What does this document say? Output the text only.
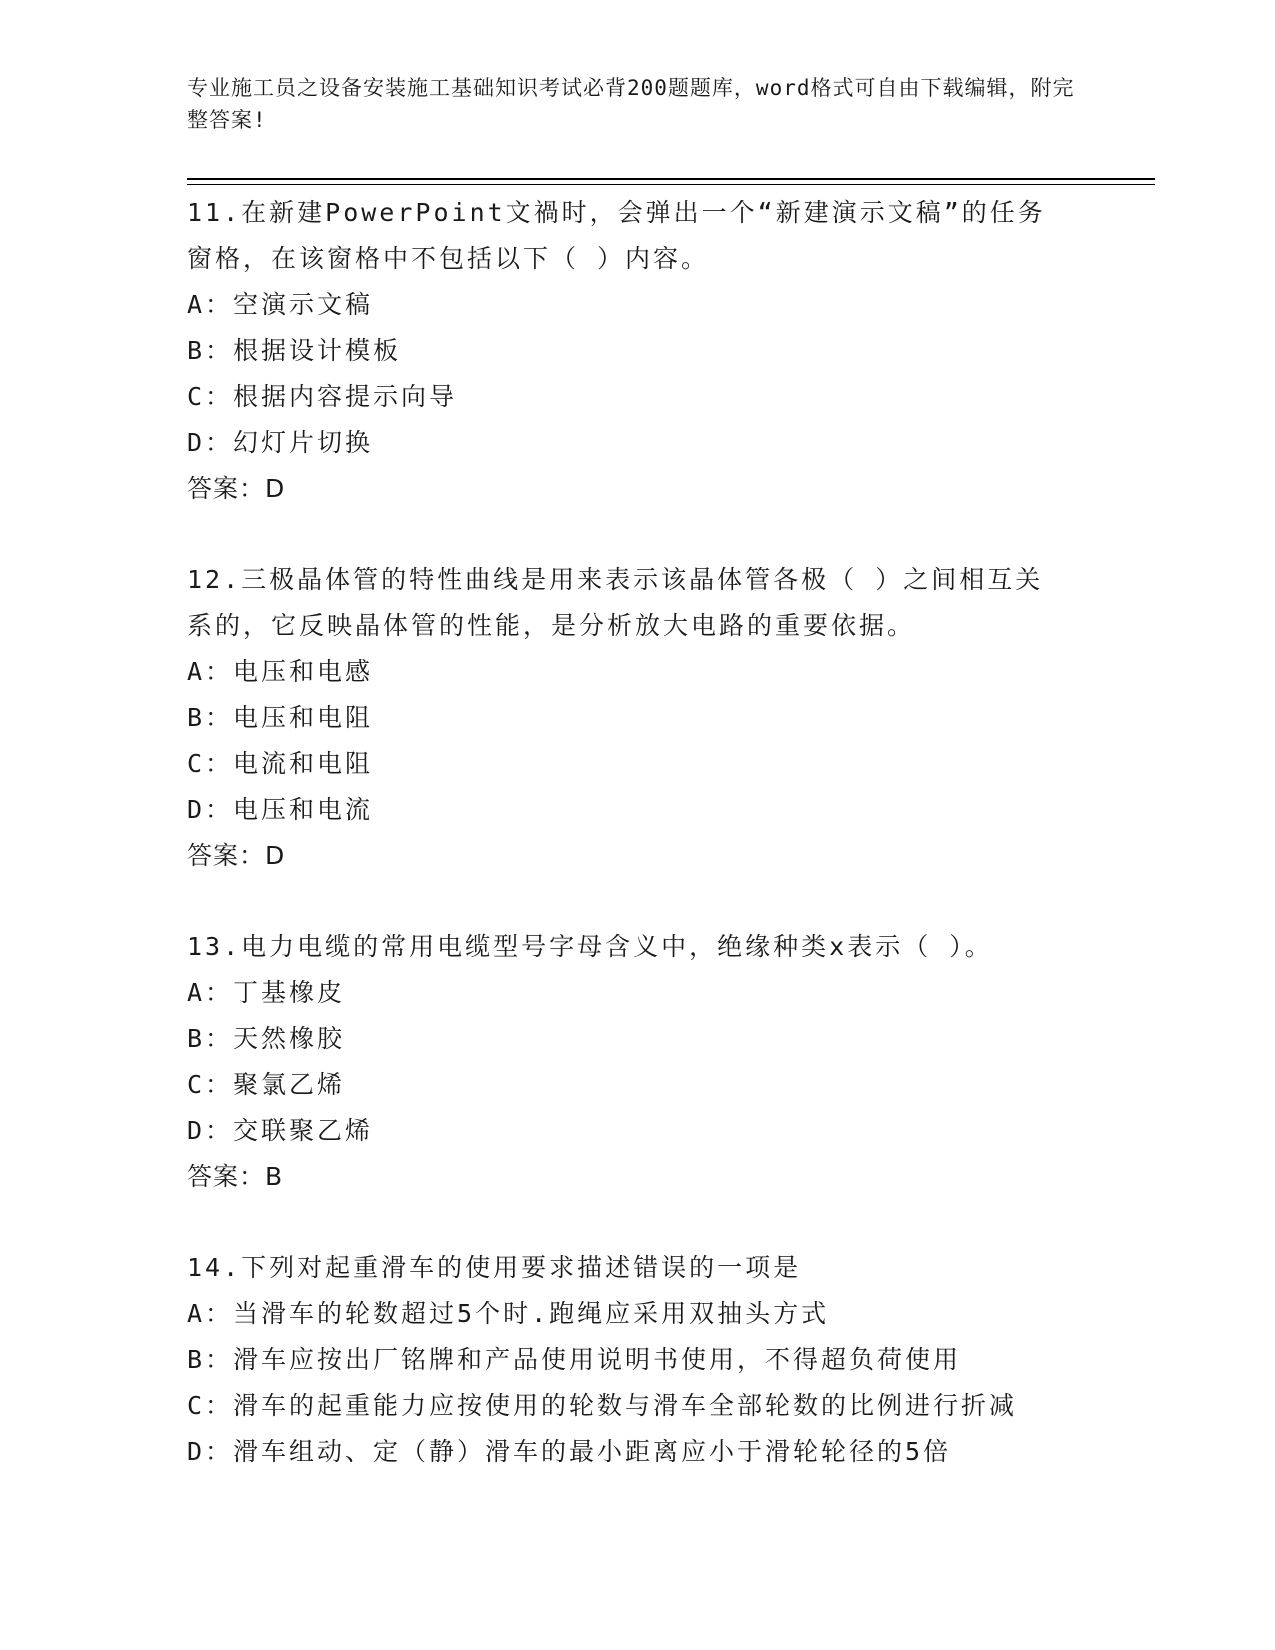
专业施工员之设备安装施工基础知识考试必背200题题库，word格式可自由下载编辑，附完整答案!
11.在新建PowerPoint文禍时，会弹出一个“新建演示文稿”的任务窗格，在该窗格中不包括以下（ ）内容。
A：空演示文稿
B：根据设计模板
C：根据内容提示向导
D：幻灯片切换
答案：D
12.三极晶体管的特性曲线是用来表示该晶体管各极（ ）之间相互关系的，它反映晶体管的性能，是分析放大电路的重要依据。
A：电压和电感
B：电压和电阻
C：电流和电阻
D：电压和电流
答案：D
13.电力电缆的常用电缆型号字母含义中，绝缘种类x表示（ ）。
A：丁基橡皮
B：天然橡胶
C：聚氯乙烯
D：交联聚乙烯
答案：B
14.下列对起重滑车的使用要求描述错误的一项是
A：当滑车的轮数超过5个时.跑绳应采用双抽头方式
B：滑车应按出厂铭牌和产品使用说明书使用，不得超负荷使用
C：滑车的起重能力应按使用的轮数与滑车全部轮数的比例进行折减
D：滑车组动、定（静）滑车的最小距离应小于滑轮轮径的5倍
